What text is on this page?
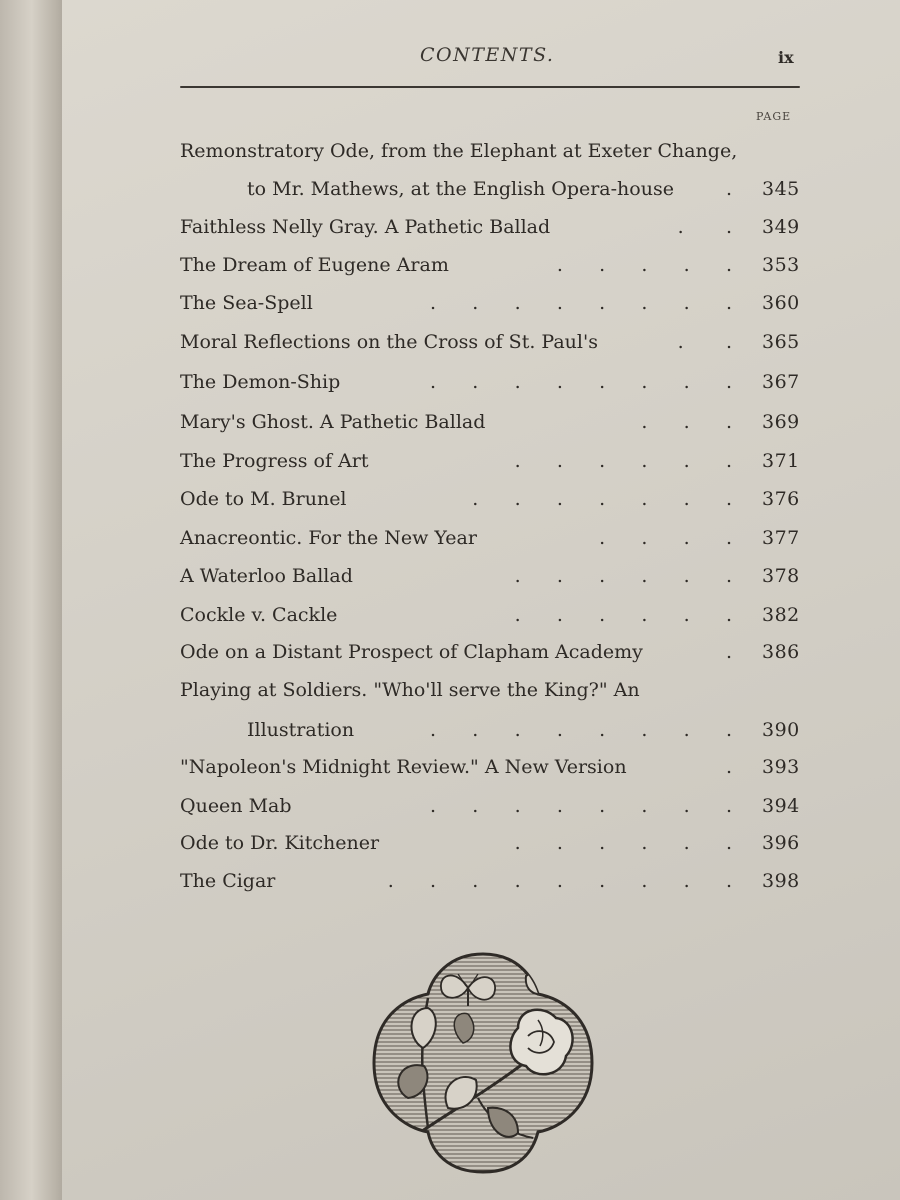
CONTENTS.	ix
PAGE
Remonstratory Ode, from the Elephant at Exeter Change,
to Mr. Mathews, at the English Opera-house	. 345
Faithless Nelly Gray. A Pathetic Ballad	.       . 349
The Dream of Eugene Aram	.      .      .      .      . 353
The Sea-Spell	.      .      .      .      .      .      .      . 360
Moral Reflections on the Cross of St. Paul's	.       . 365
The Demon-Ship	.      .      .      .      .      .      .      . 367
Mary's Ghost. A Pathetic Ballad	.      .      . 369
The Progress of Art	.      .      .      .      .      . 371
Ode to M. Brunel	.      .      .      .      .      .      . 376
Anacreontic. For the New Year	.      .      .      . 377
A Waterloo Ballad	.      .      .      .      .      . 378
Cockle v. Cackle	.      .      .      .      .      . 382
Ode on a Distant Prospect of Clapham Academy	. 386
Playing at Soldiers. "Who'll serve the King?" An
Illustration	.      .      .      .      .      .      .      . 390
"Napoleon's Midnight Review." A New Version	. 393
Queen Mab	.      .      .      .      .      .      .      . 394
Ode to Dr. Kitchener	.      .      .      .      .      . 396
The Cigar	.      .      .      .      .      .      .      .      . 398
